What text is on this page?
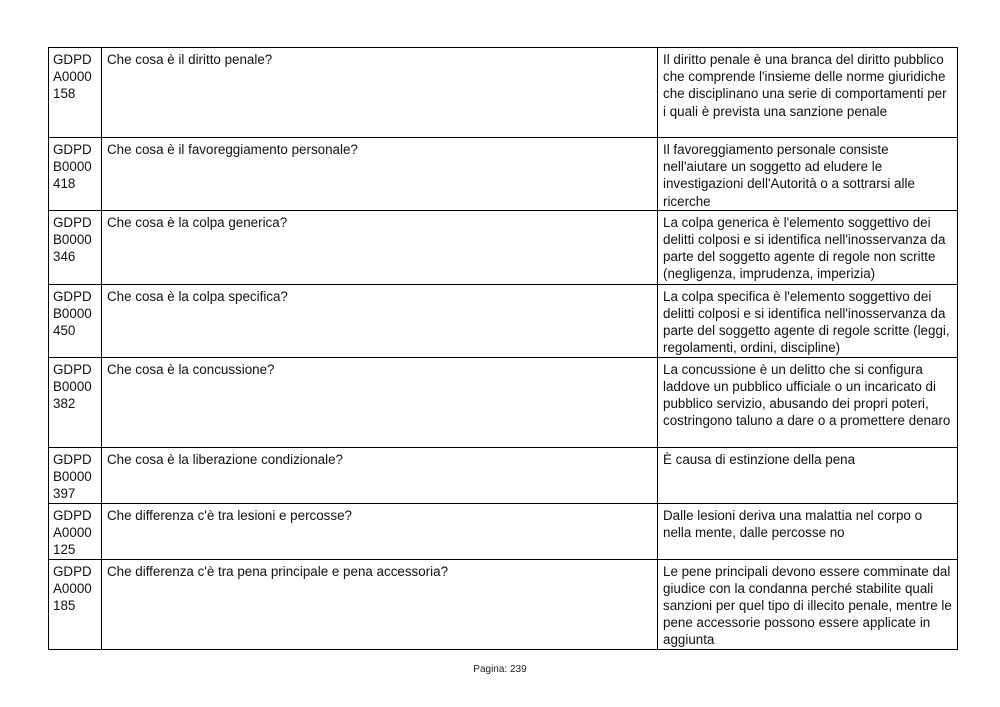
GDPD
A0000
158	Che cosa è il diritto penale?	Il diritto penale è una branca del diritto pubblico che comprende l'insieme delle norme giuridiche che disciplinano una serie di comportamenti per i quali è prevista una sanzione penale

GDPD
B0000
418	Che cosa è il favoreggiamento personale?	Il favoreggiamento personale consiste nell'aiutare un soggetto ad eludere le investigazioni dell'Autorità o a sottrarsi alle ricerche

GDPD
B0000
346	Che cosa è la colpa generica?	La colpa generica è l'elemento soggettivo dei delitti colposi e si identifica nell'inosservanza da parte del soggetto agente di regole non scritte (negligenza, imprudenza, imperizia)

GDPD
B0000
450	Che cosa è la colpa specifica?	La colpa specifica è l'elemento soggettivo dei delitti colposi e si identifica nell'inosservanza da parte del soggetto agente di regole scritte (leggi, regolamenti, ordini, discipline)

GDPD
B0000
382	Che cosa è la concussione?	La concussione è un delitto che si configura laddove un pubblico ufficiale o un incaricato di pubblico servizio, abusando dei propri poteri, costringono taluno a dare o a promettere denaro

GDPD
B0000
397	Che cosa è la liberazione condizionale?	È causa di estinzione della pena

GDPD
A0000
125	Che differenza c'è tra lesioni e percosse?	Dalle lesioni deriva una malattia nel corpo o nella mente, dalle percosse no

GDPD
A0000
185	Che differenza c'è tra pena principale e pena accessoria?	Le pene principali devono essere comminate dal giudice con la condanna perché stabilite quali sanzioni per quel tipo di illecito penale, mentre le pene accessorie possono essere applicate in aggiunta
Pagina: 239
